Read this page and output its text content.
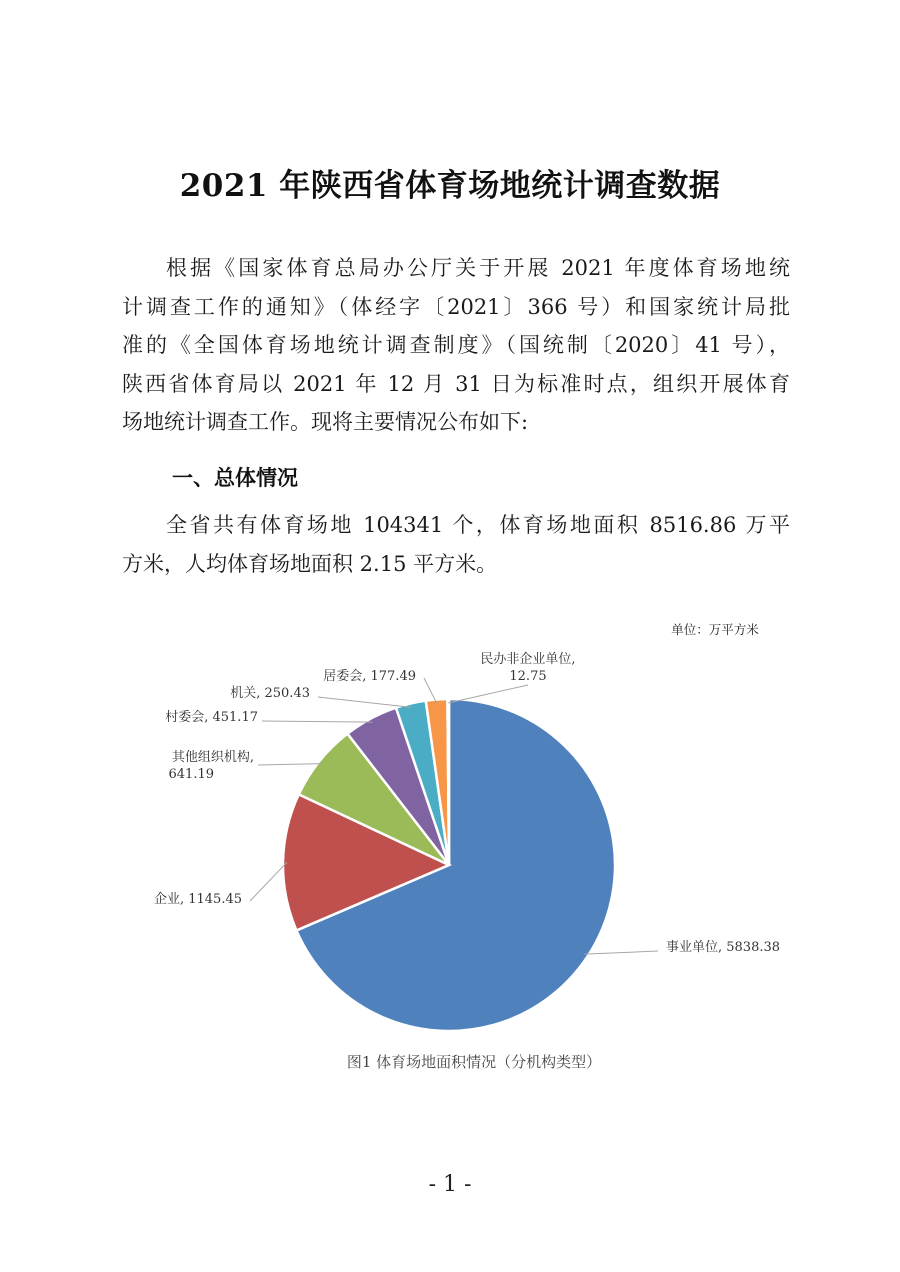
2021 年陕西省体育场地统计调查数据
根据《国家体育总局办公厅关于开展 2021 年度体育场地统
计调查工作的通知》（体经字〔2021〕366 号）和国家统计局批
准的《全国体育场地统计调查制度》（国统制〔2020〕41 号），
陕西省体育局以 2021 年 12 月 31 日为标准时点，组织开展体育
场地统计调查工作。现将主要情况公布如下:
一、总体情况
全省共有体育场地 104341 个，体育场地面积 8516.86 万平
方米，人均体育场地面积 2.15 平方米。
单位：万平方米
事业单位, 5838.38
企业, 1145.45
其他组织机构, 641.19
村委会, 451.17
机关, 250.43
居委会, 177.49
民办非企业单位, 12.75
图1 体育场地面积情况（分机构类型）
- 1 -
